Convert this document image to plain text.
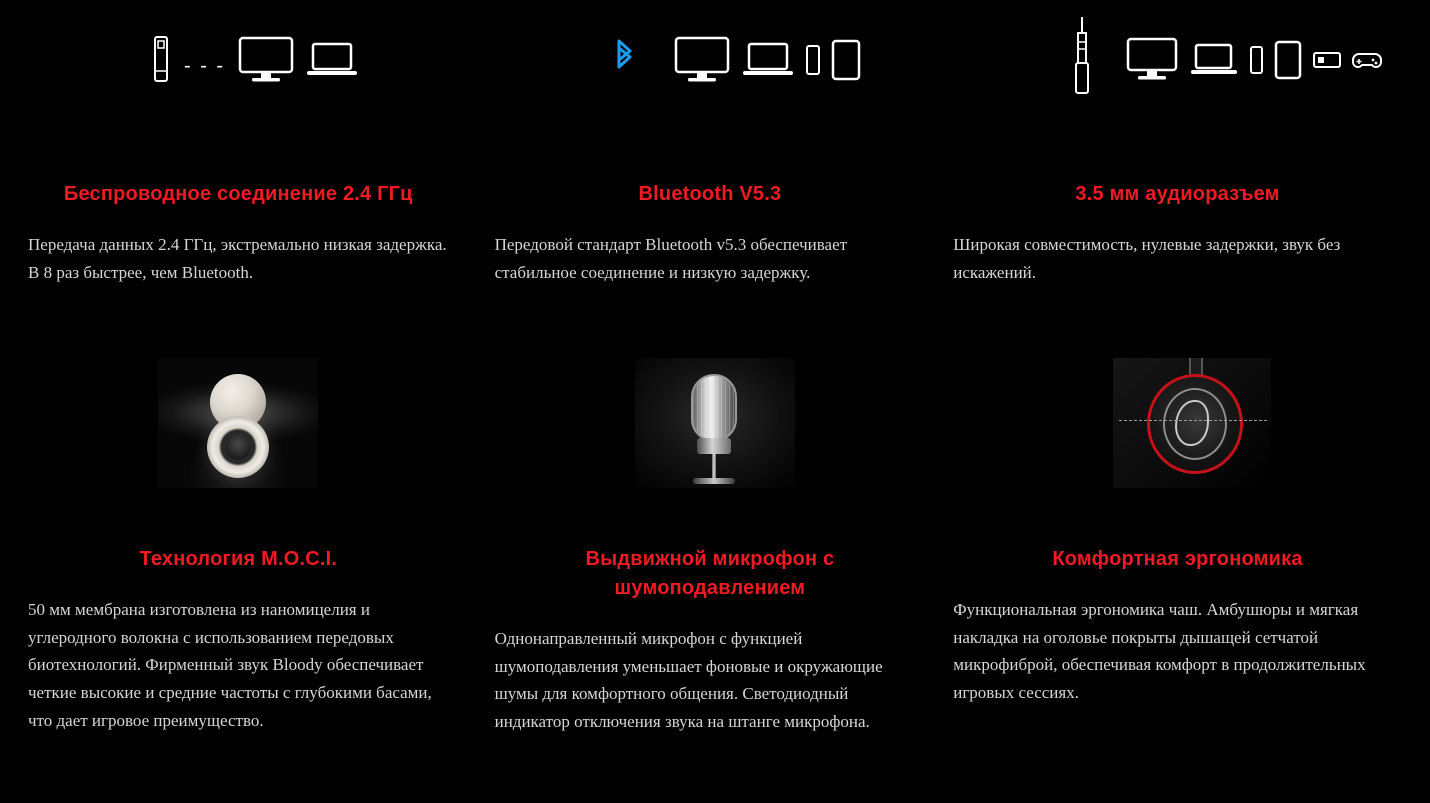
- - -
Беспроводное соединение 2.4 ГГц

Передача данных 2.4 ГГц, экстремально низкая задержка. В 8 раз быстрее, чем Bluetooth.

Bluetooth V5.3

Передовой стандарт Bluetooth v5.3 обеспечивает стабильное соединение и низкую задержку.

3.5 мм аудиоразъем

Широкая совместимость, нулевые задержки, звук без искажений.

Технология M.O.C.I.

50 мм мембрана изготовлена из наномицелия и углеродного волокна с использованием передовых биотехнологий. Фирменный звук Bloody обеспечивает четкие высокие и средние частоты с глубокими басами, что дает игровое преимущество.

Выдвижной микрофон с шумоподавлением

Однонаправленный микрофон с функцией шумоподавления уменьшает фоновые и окружающие шумы для комфортного общения. Светодиодный индикатор отключения звука на штанге микрофона.

Комфортная эргономика

Функциональная эргономика чаш. Амбушюры и мягкая накладка на оголовье покрыты дышащей сетчатой микрофиброй, обеспечивая комфорт в продолжительных игровых сессиях.
